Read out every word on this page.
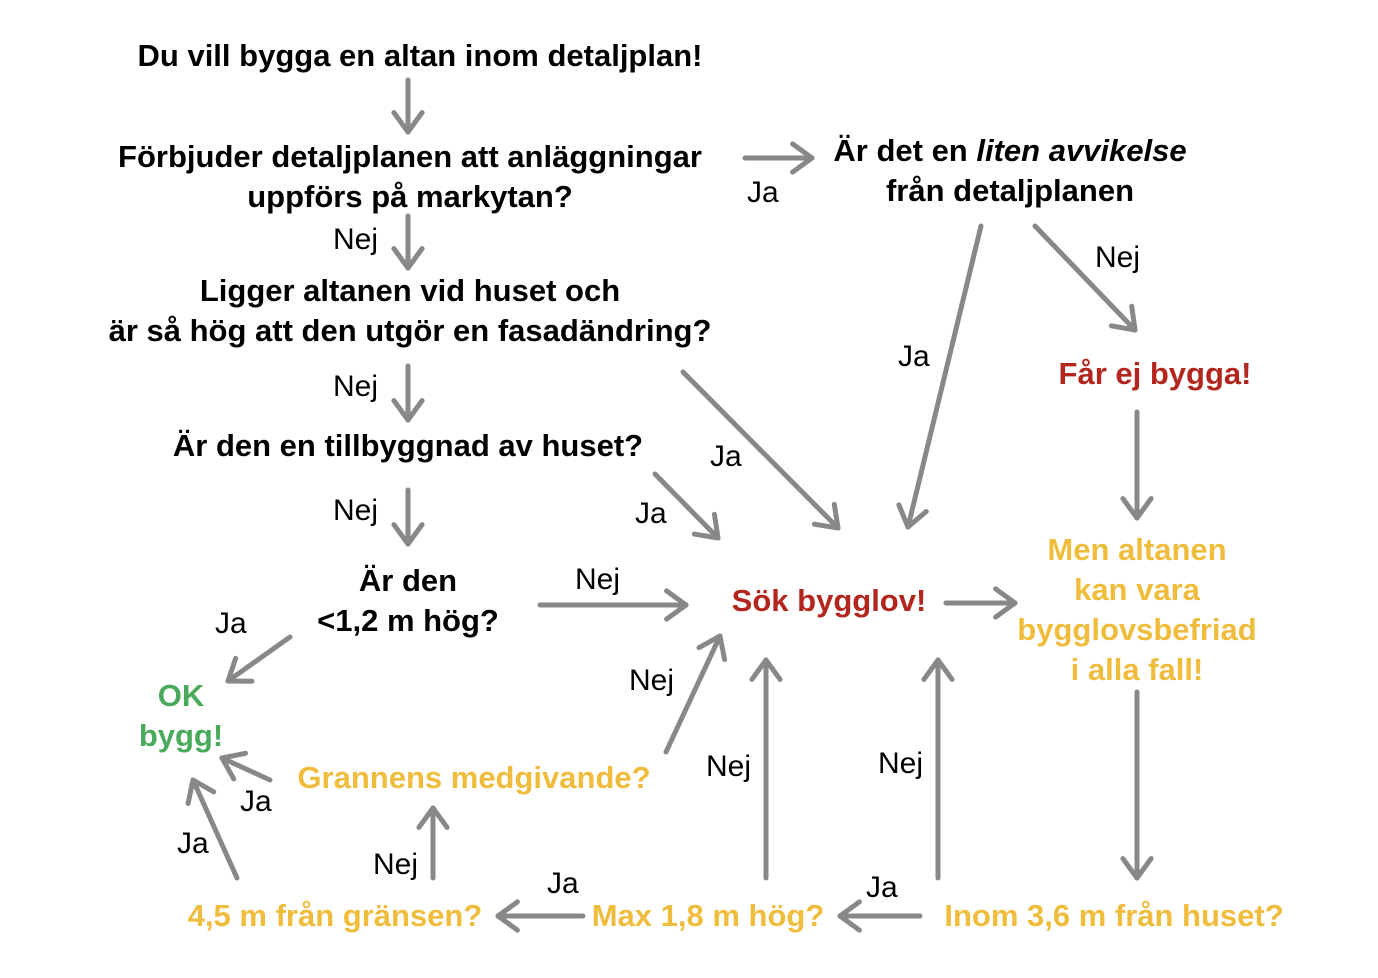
Du vill bygga en altan inom detaljplan!
Förbjuder detaljplanen att anläggningar
uppförs på markytan?
Är det en liten avvikelse
från detaljplanen
Ligger altanen vid huset och
är så hög att den utgör en fasadändring?
Är den en tillbyggnad av huset?
Är den
<1,2 m hög?
Får ej bygga!
Sök bygglov!
Men altanen
kan vara
bygglovsbefriad
i alla fall!
OK
bygg!
Grannens medgivande?
4,5 m från gränsen?	Max 1,8 m hög?	Inom 3,6 m från huset?
Ja
Nej
Ja
Nej
Nej
Ja
Nej	Ja
Nej
Ja
Nej
Ja
Ja
Nej
Ja
Nej
Ja
Nej
